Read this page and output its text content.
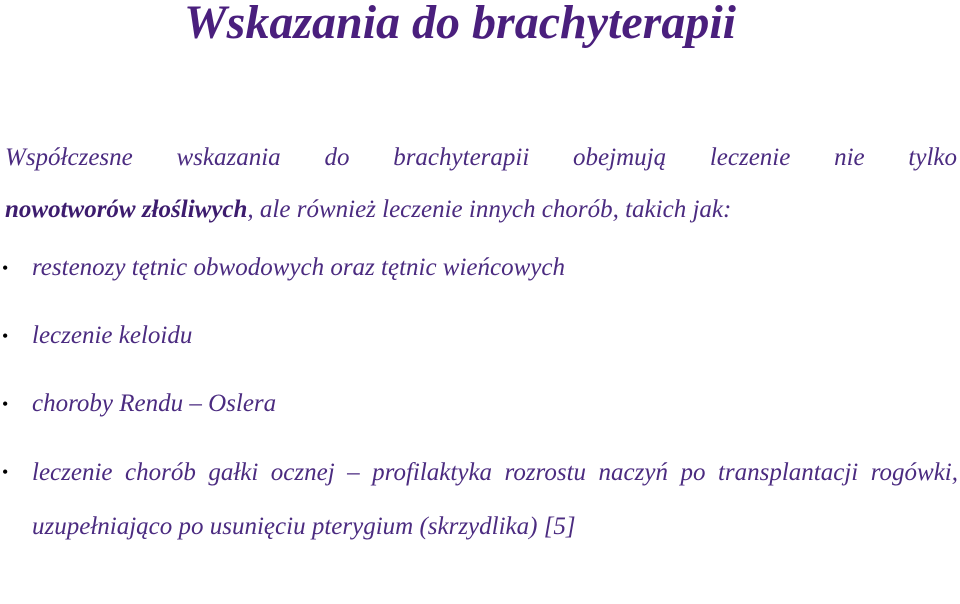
Wskazania do brachyterapii

Współczesne wskazania do brachyterapii obejmują leczenie nie tylko
nowotworów złośliwych, ale również leczenie innych chorób, takich jak:

• restenozy tętnic obwodowych oraz tętnic wieńcowych
• leczenie keloidu
• choroby Rendu – Oslera
• leczenie chorób gałki ocznej – profilaktyka rozrostu naczyń po transplantacji rogówki, uzupełniająco po usunięciu pterygium (skrzydlika) [5]
